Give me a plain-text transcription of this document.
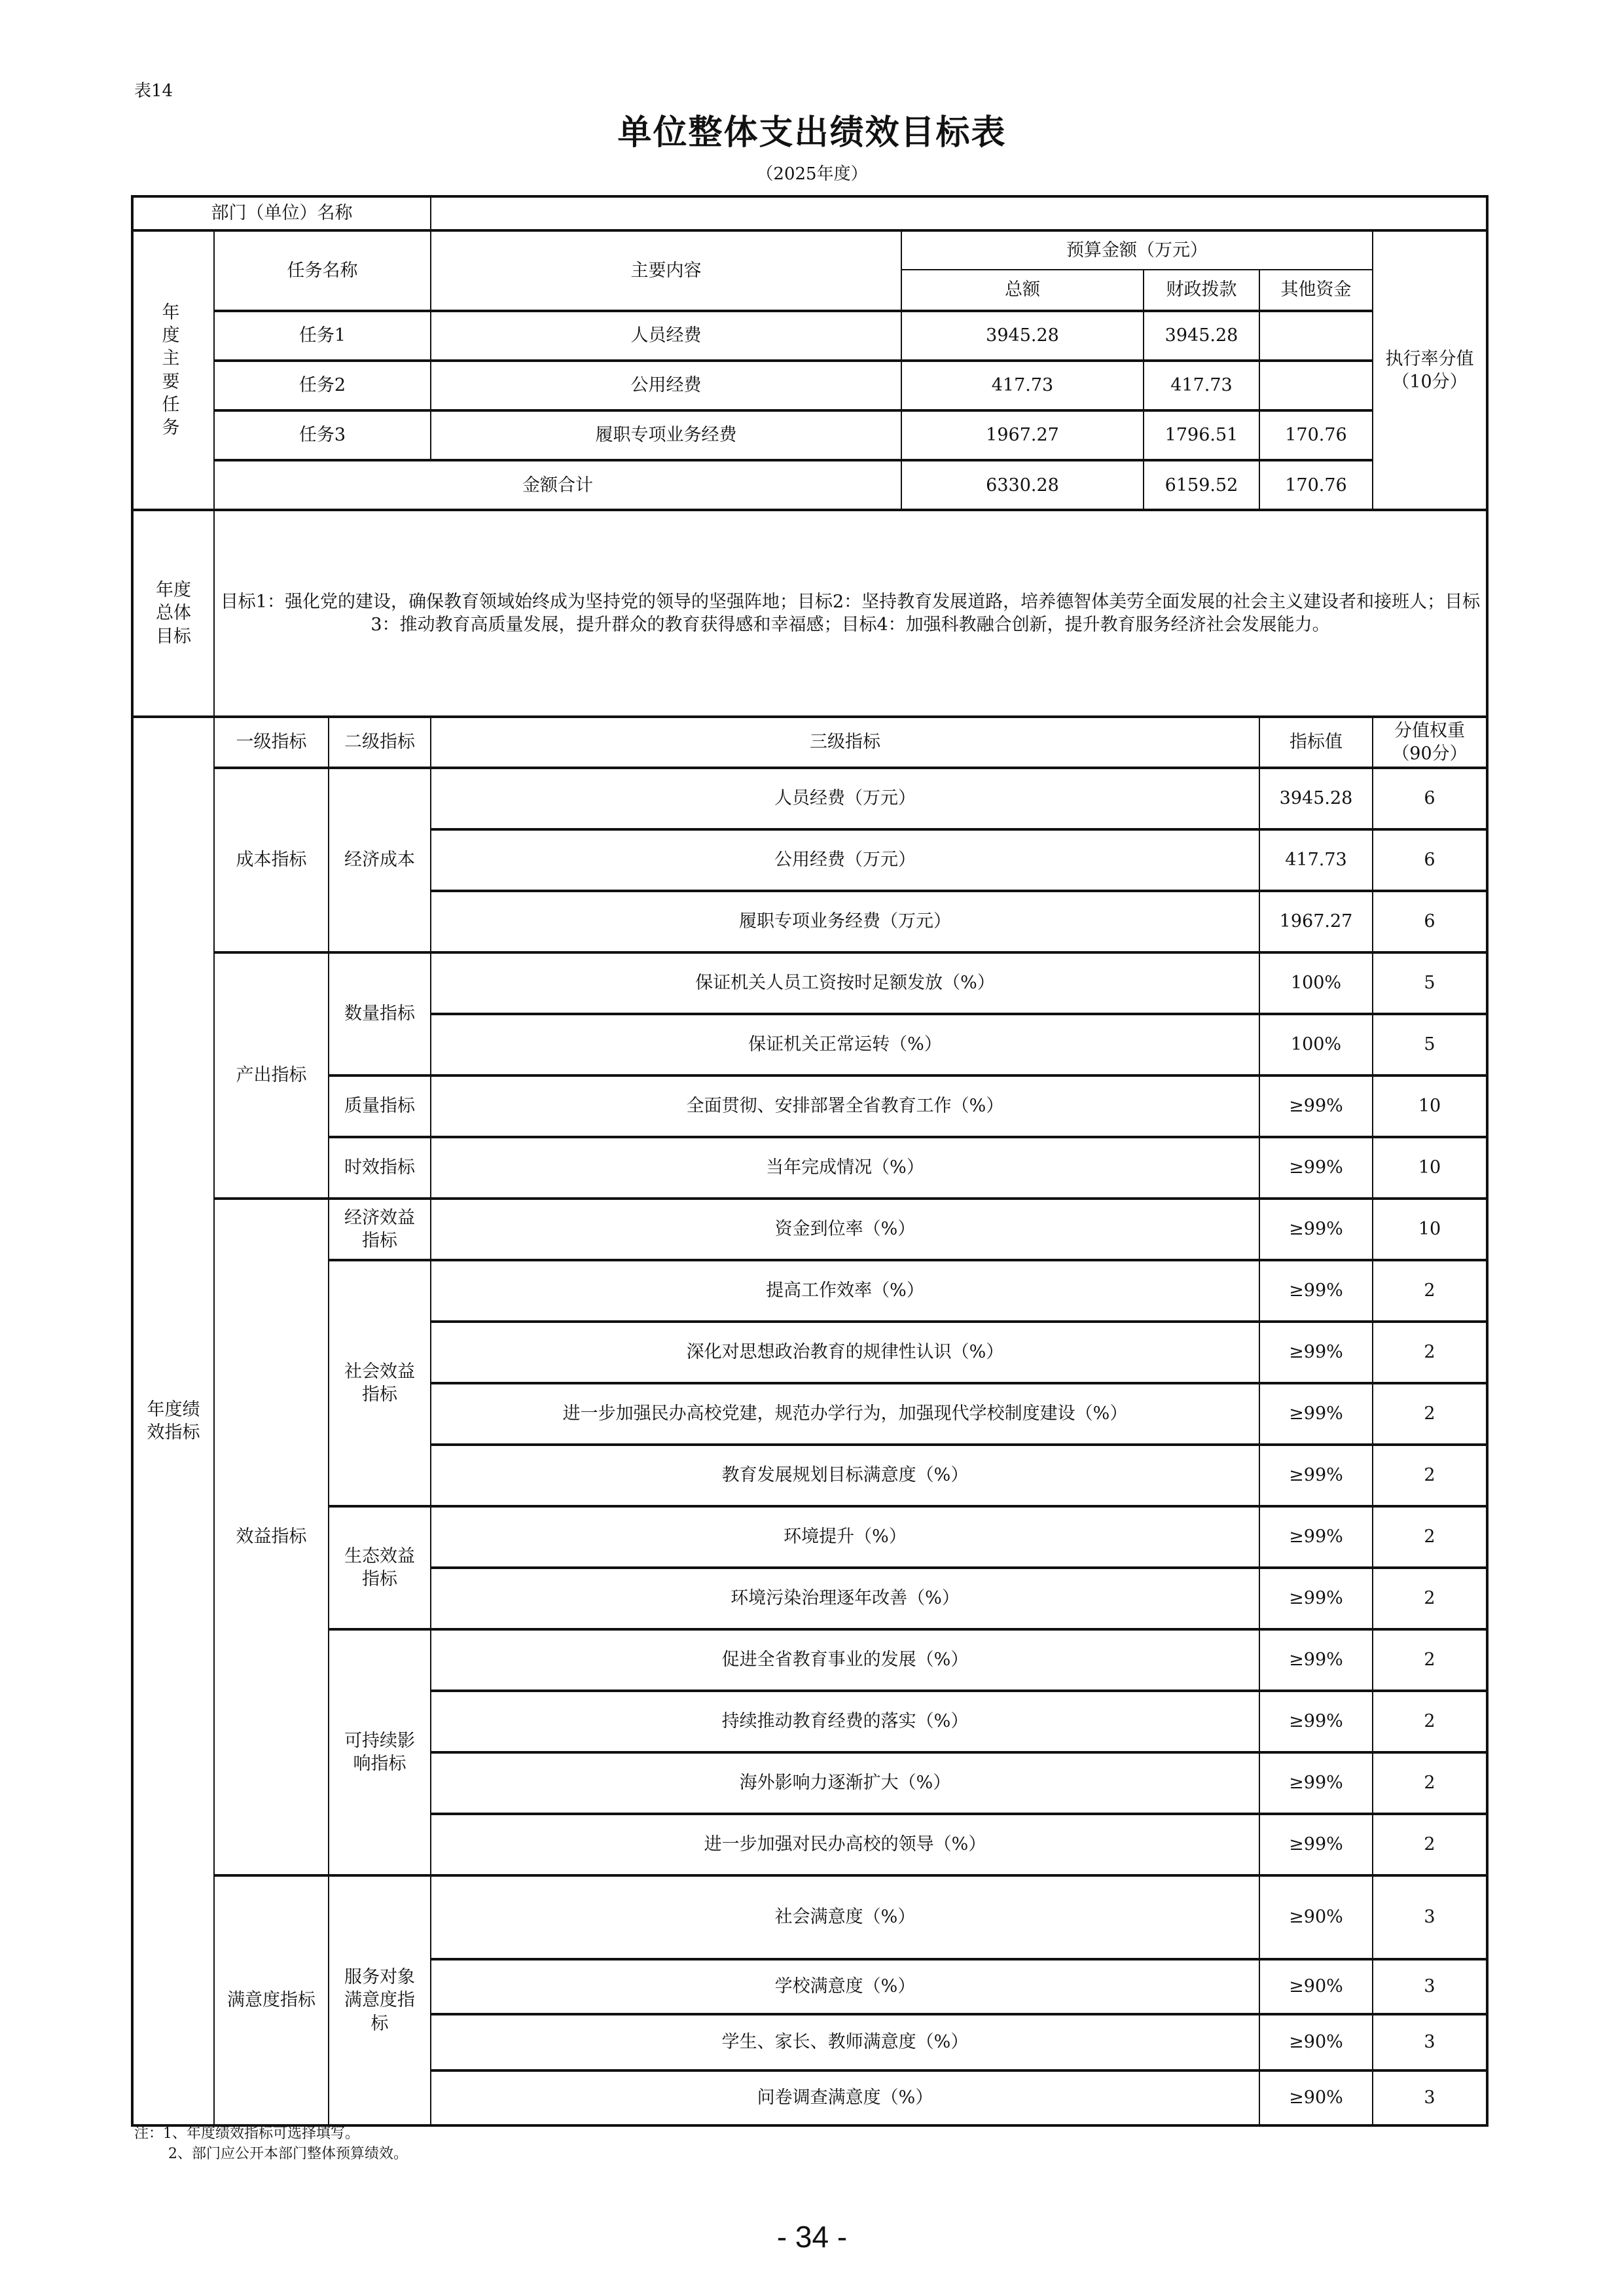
表14
单位整体支出绩效目标表
（2025年度）
部门（单位）名称							
年 度 主 要 任 务	任务名称		主要内容	预算金额（万元）			执行率分值（10分）
				总额	财政拨款	其他资金	
	任务1		人员经费	3945.28	3945.28		
	任务2		公用经费	417.73	417.73		
	任务3		履职专项业务经费	1967.27	1796.51	170.76	
	金额合计			6330.28	6159.52	170.76	

年度总体目标	目标1：强化党的建设，确保教育领域始终成为坚持党的领导的坚强阵地；目标2：坚持教育发展道路，培养德智体美劳全面发展的社会主义建设者和接班人；目标3：推动教育高质量发展，提升群众的教育获得感和幸福感；目标4：加强科教融合创新，提升教育服务经济社会发展能力。						
年度绩效指标	一级指标	二级指标	三级指标			指标值	分值权重（90分）
	成本指标	经济成本	人员经费（万元）			3945.28	6
			公用经费（万元）			417.73	6
			履职专项业务经费（万元）			1967.27	6
	产出指标	数量指标	保证机关人员工资按时足额发放（%）			100%	5
			保证机关正常运转（%）			100%	5
		质量指标	全面贯彻、安排部署全省教育工作（%）			≥99%	10
		时效指标	当年完成情况（%）			≥99%	10
	效益指标	经济效益指标	资金到位率（%）			≥99%	10
		社会效益指标	提高工作效率（%）			≥99%	2
			深化对思想政治教育的规律性认识（%）			≥99%	2
			进一步加强民办高校党建，规范办学行为，加强现代学校制度建设（%）			≥99%	2
			教育发展规划目标满意度（%）			≥99%	2
		生态效益指标	环境提升（%）			≥99%	2
			环境污染治理逐年改善（%）			≥99%	2
		可持续影响指标	促进全省教育事业的发展（%）			≥99%	2
			持续推动教育经费的落实（%）			≥99%	2
			海外影响力逐渐扩大（%）			≥99%	2
			进一步加强对民办高校的领导（%）			≥99%	2
	满意度指标	服务对象满意度指标	社会满意度（%）			≥90%	3
			学校满意度（%）			≥90%	3
			学生、家长、教师满意度（%）			≥90%	3
			问卷调查满意度（%）			≥90%	3
注：1、年度绩效指标可选择填写。
2、部门应公开本部门整体预算绩效。
- 34 -
